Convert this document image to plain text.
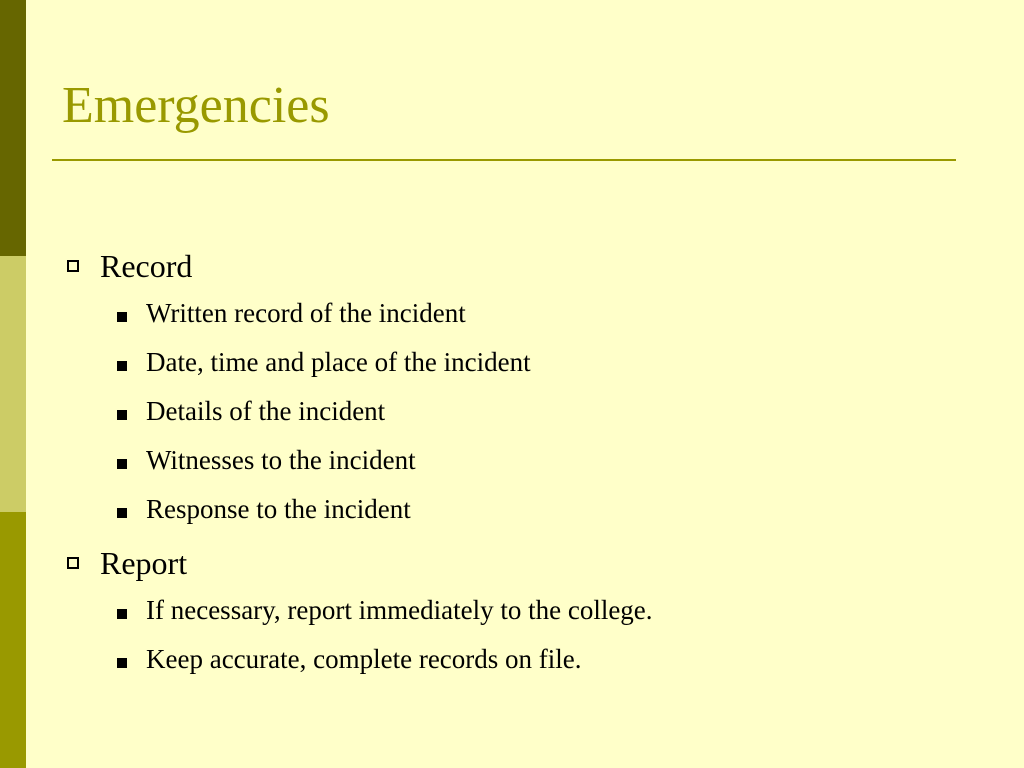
Emergencies
Record
Written record of the incident
Date, time and place of the incident
Details of the incident
Witnesses to the incident
Response to the incident
Report
If necessary, report immediately to the college.
Keep accurate, complete records on file.
